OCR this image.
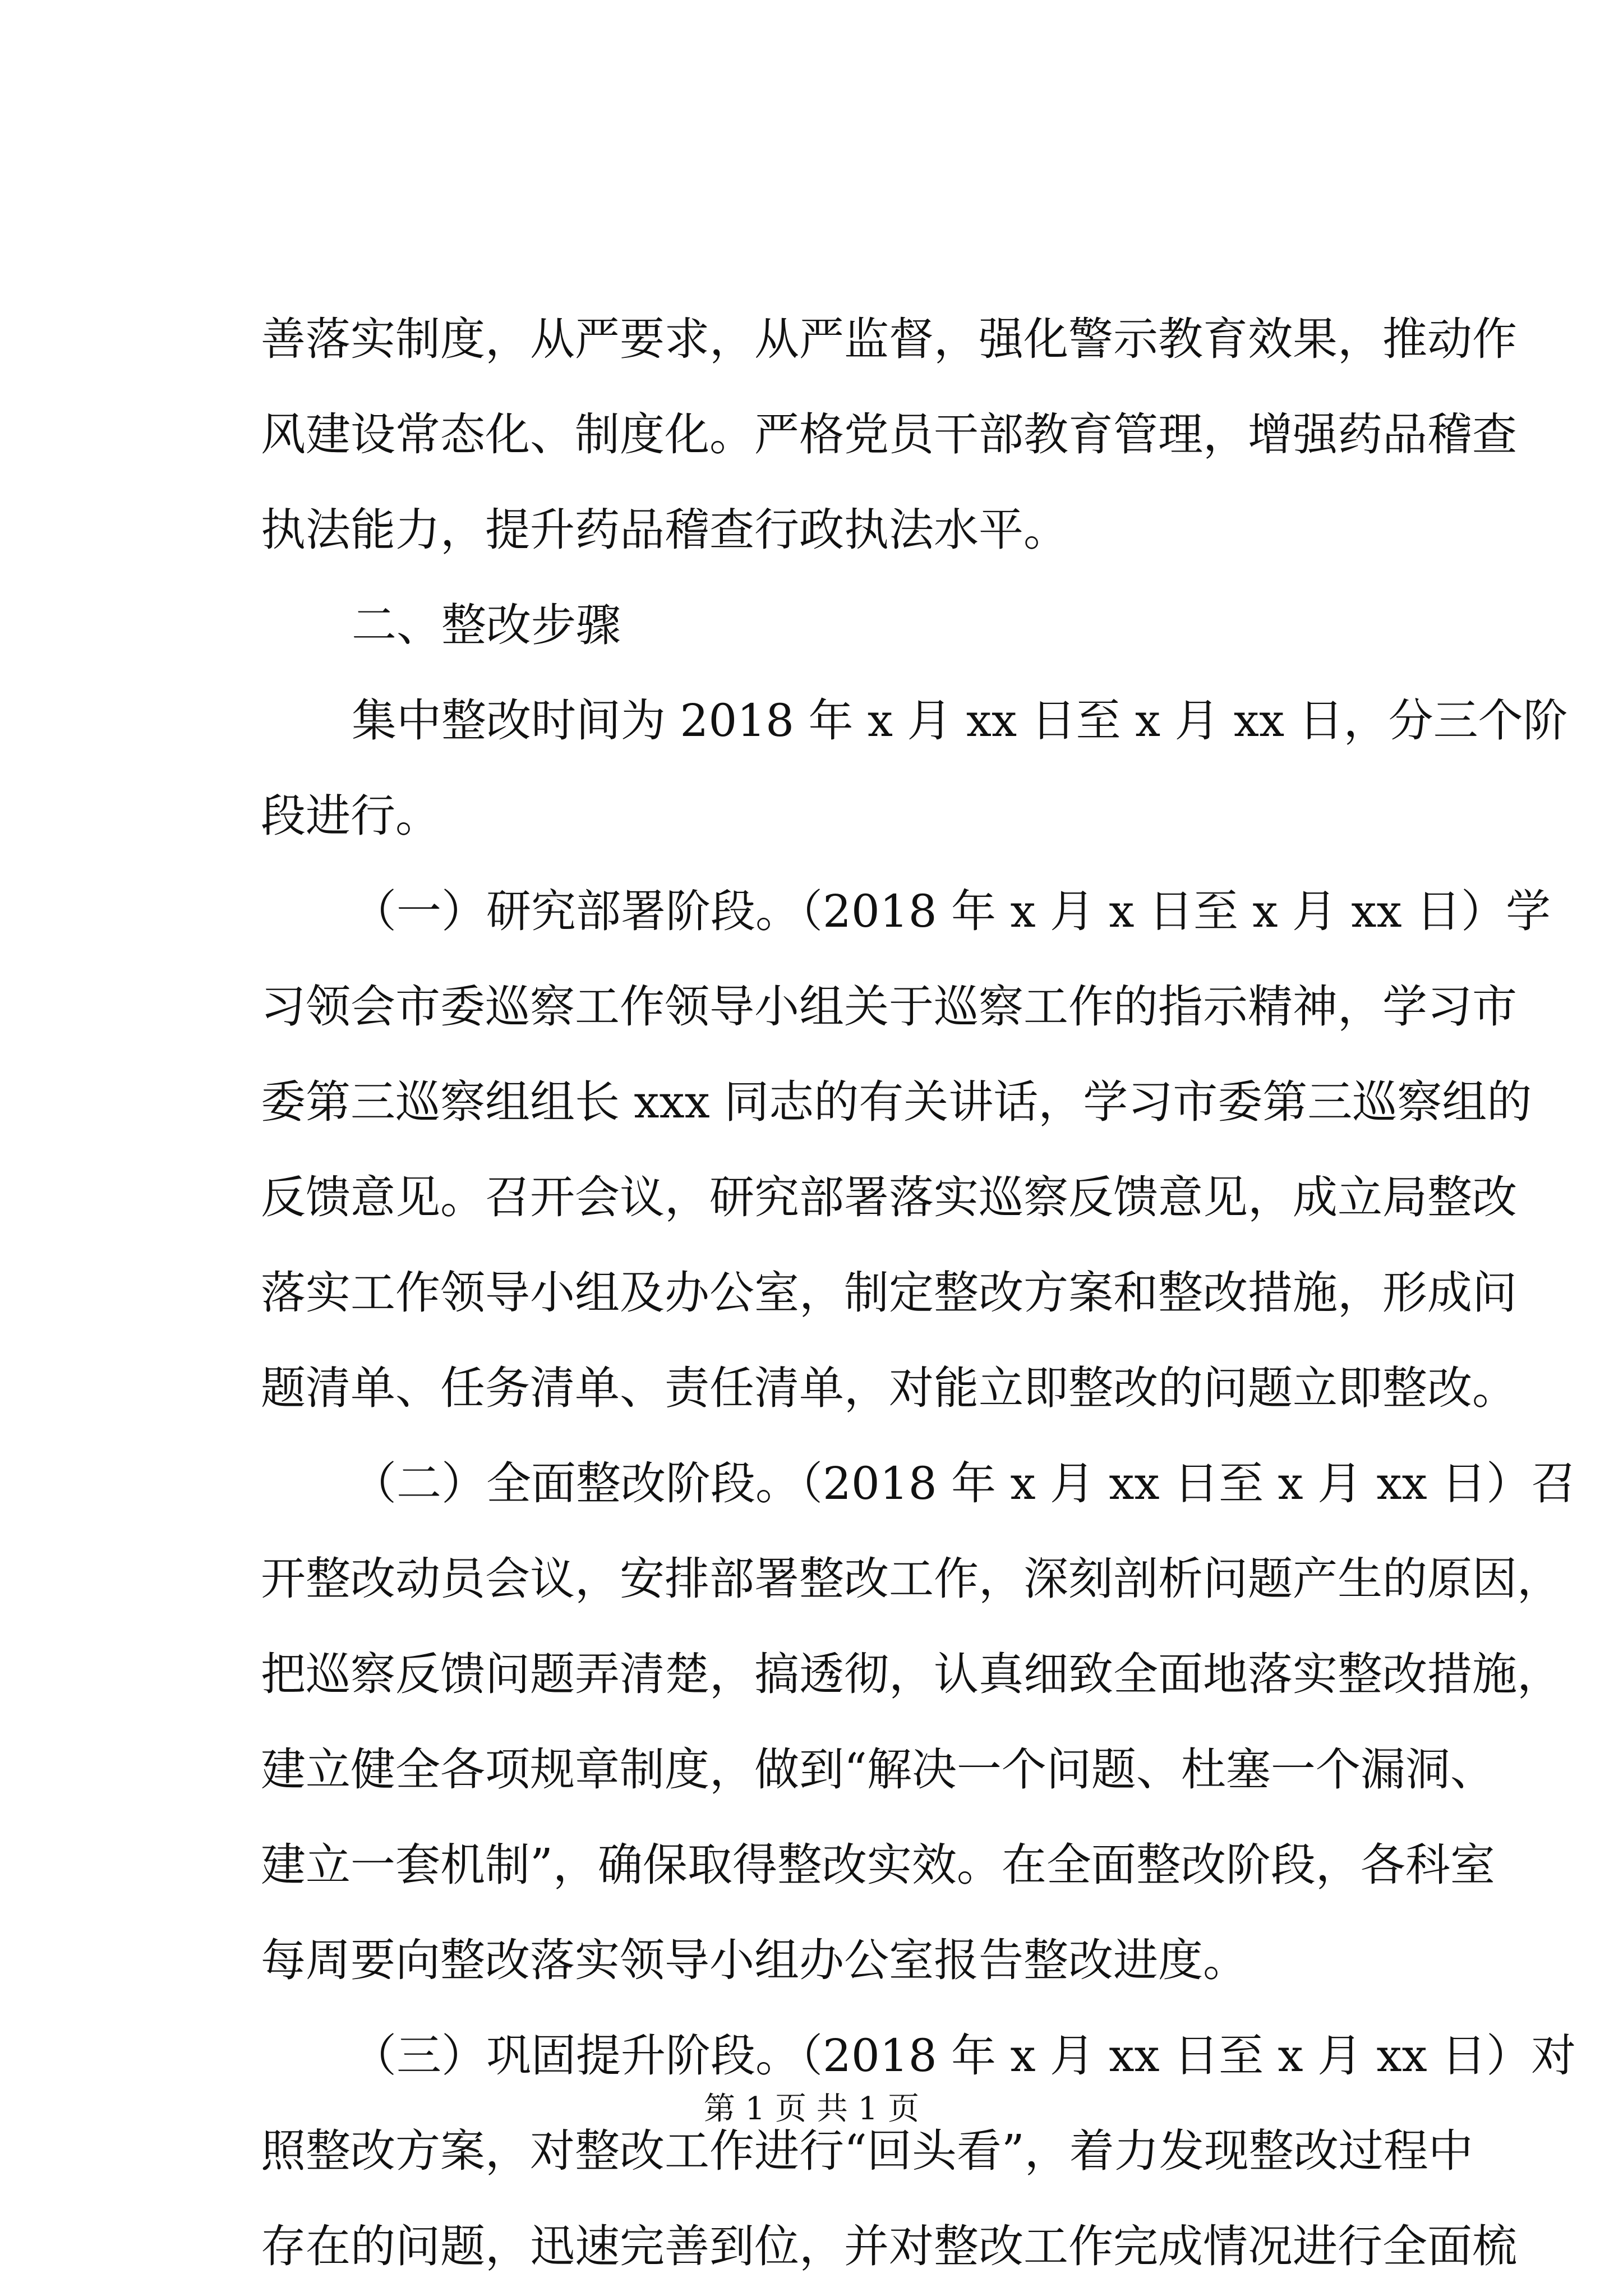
善落实制度，从严要求，从严监督，强化警示教育效果，推动作
风建设常态化、制度化。严格党员干部教育管理，增强药品稽查
执法能力，提升药品稽查行政执法水平。
二、整改步骤
集中整改时间为 2018 年 x 月 xx 日至 x 月 xx 日，分三个阶
段进行。
（一）研究部署阶段。（2018 年 x 月 x 日至 x 月 xx 日）学
习领会市委巡察工作领导小组关于巡察工作的指示精神，学习市
委第三巡察组组长 xxx 同志的有关讲话，学习市委第三巡察组的
反馈意见。召开会议，研究部署落实巡察反馈意见，成立局整改
落实工作领导小组及办公室，制定整改方案和整改措施，形成问
题清单、任务清单、责任清单，对能立即整改的问题立即整改。
（二）全面整改阶段。（2018 年 x 月 xx 日至 x 月 xx 日）召
开整改动员会议，安排部署整改工作，深刻剖析问题产生的原因，
把巡察反馈问题弄清楚，搞透彻，认真细致全面地落实整改措施，
建立健全各项规章制度，做到“解决一个问题、杜塞一个漏洞、
建立一套机制”，确保取得整改实效。在全面整改阶段，各科室
每周要向整改落实领导小组办公室报告整改进度。
（三）巩固提升阶段。（2018 年 x 月 xx 日至 x 月 xx 日）对
照整改方案，对整改工作进行“回头看”，着力发现整改过程中
存在的问题，迅速完善到位，并对整改工作完成情况进行全面梳
第 1 页 共 1 页
